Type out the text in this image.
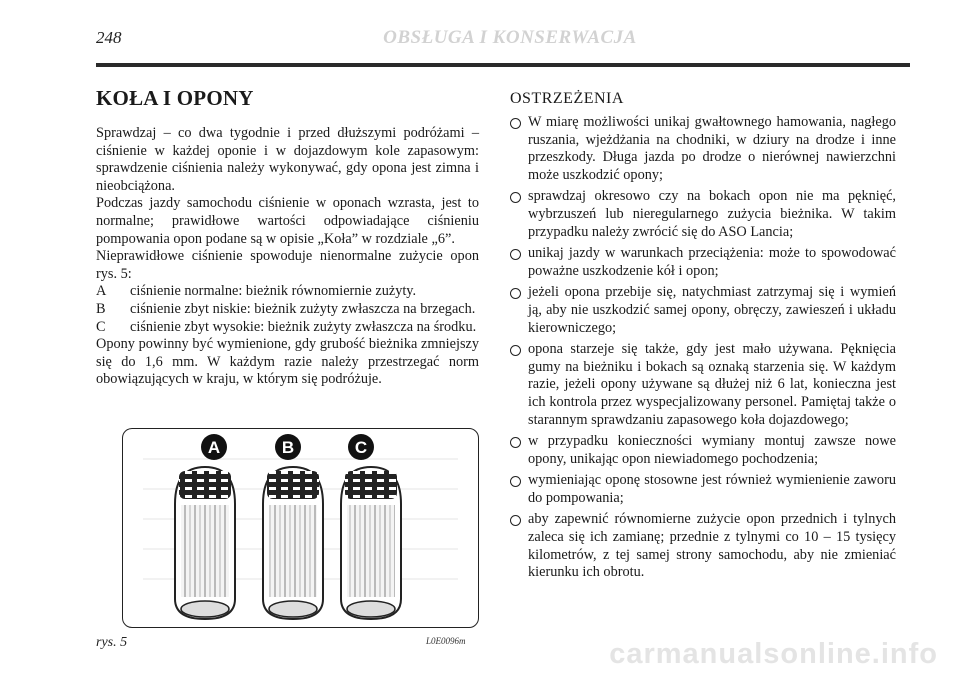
248	OBSŁUGA I KONSERWACJA
KOŁA I OPONY

Sprawdzaj – co dwa tygodnie i przed dłuższymi podróżami – ciśnienie w każdej oponie i w dojazdowym kole zapasowym: sprawdzenie ciśnienia należy wykonywać, gdy opona jest zimna i nieobciążona.

Podczas jazdy samochodu ciśnienie w oponach wzrasta, jest to normalne; prawidłowe wartości odpowiadające ciśnieniu pompowania opon podane są w opisie „Koła” w rozdziale „6”.

Nieprawidłowe ciśnienie spowoduje nienormalne zużycie opon rys. 5:

A ciśnienie normalne: bieżnik równomiernie zużyty.
B ciśnienie zbyt niskie: bieżnik zużyty zwłaszcza na brzegach.
C ciśnienie zbyt wysokie: bieżnik zużyty zwłaszcza na środku.

Opony powinny być wymienione, gdy grubość bieżnika zmniejszy się do 1,6 mm. W każdym razie należy przestrzegać norm obowiązujących w kraju, w którym się podróżuje.

A	B	C
rys. 5	L0E0096m
OSTRZEŻENIA
W miarę możliwości unikaj gwałtownego hamowania, nagłego ruszania, wjeżdżania na chodniki, w dziury na drodze i inne przeszkody. Długa jazda po drodze o nierównej nawierzchni może uszkodzić opony;
sprawdzaj okresowo czy na bokach opon nie ma pęknięć, wybrzuszeń lub nieregularnego zużycia bieżnika. W takim przypadku należy zwrócić się do ASO Lancia;
unikaj jazdy w warunkach przeciążenia: może to spowodować poważne uszkodzenie kół i opon;
jeżeli opona przebije się, natychmiast zatrzymaj się i wymień ją, aby nie uszkodzić samej opony, obręczy, zawieszeń i układu kierowniczego;
opona starzeje się także, gdy jest mało używana. Pęknięcia gumy na bieżniku i bokach są oznaką starzenia się. W każdym razie, jeżeli opony używane są dłużej niż 6 lat, konieczna jest ich kontrola przez wyspecjalizowany personel. Pamiętaj także o starannym sprawdzaniu zapasowego koła dojazdowego;
w przypadku konieczności wymiany montuj zawsze nowe opony, unikając opon niewiadomego pochodzenia;
wymieniając oponę stosowne jest również wymienienie zaworu do pompowania;
aby zapewnić równomierne zużycie opon przednich i tylnych zaleca się ich zamianę; przednie z tylnymi co 10 – 15 tysięcy kilometrów, z tej samej strony samochodu, aby nie zmieniać kierunku ich obrotu.
carmanualsonline.info
